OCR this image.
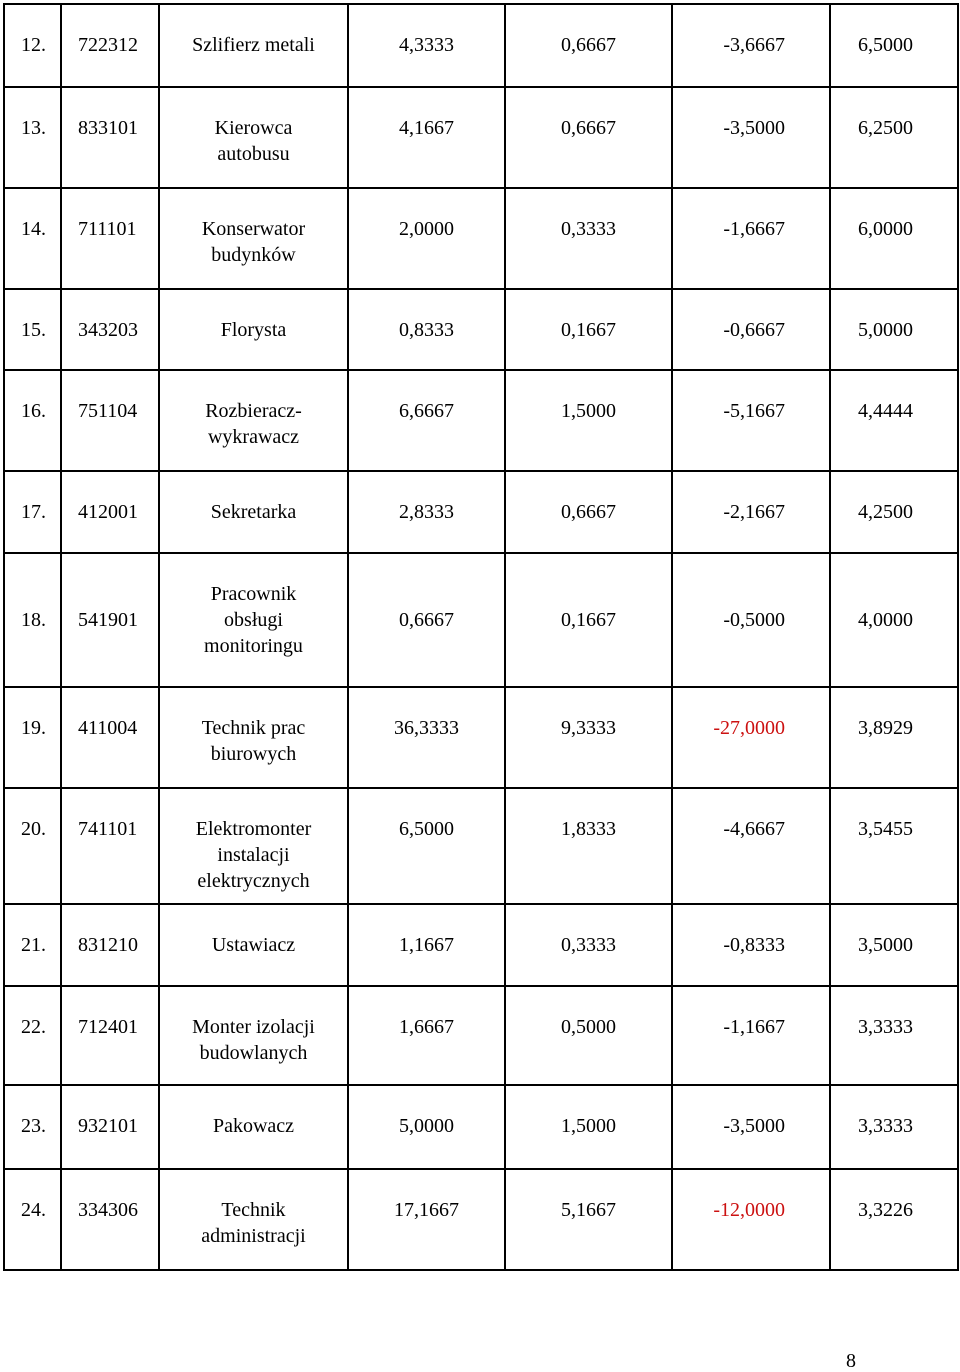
12.	722312	Szlifierz metali	4,3333	0,6667	-3,6667	6,5000
13.	833101	Kierowca autobusu	4,1667	0,6667	-3,5000	6,2500
14.	711101	Konserwator budynków	2,0000	0,3333	-1,6667	6,0000
15.	343203	Florysta	0,8333	0,1667	-0,6667	5,0000
16.	751104	Rozbieracz-wykrawacz	6,6667	1,5000	-5,1667	4,4444
17.	412001	Sekretarka	2,8333	0,6667	-2,1667	4,2500
18.	541901	Pracownik obsługi monitoringu	0,6667	0,1667	-0,5000	4,0000
19.	411004	Technik prac biurowych	36,3333	9,3333	-27,0000	3,8929
20.	741101	Elektromonter instalacji elektrycznych	6,5000	1,8333	-4,6667	3,5455
21.	831210	Ustawiacz	1,1667	0,3333	-0,8333	3,5000
22.	712401	Monter izolacji budowlanych	1,6667	0,5000	-1,1667	3,3333
23.	932101	Pakowacz	5,0000	1,5000	-3,5000	3,3333
24.	334306	Technik administracji	17,1667	5,1667	-12,0000	3,3226
8
